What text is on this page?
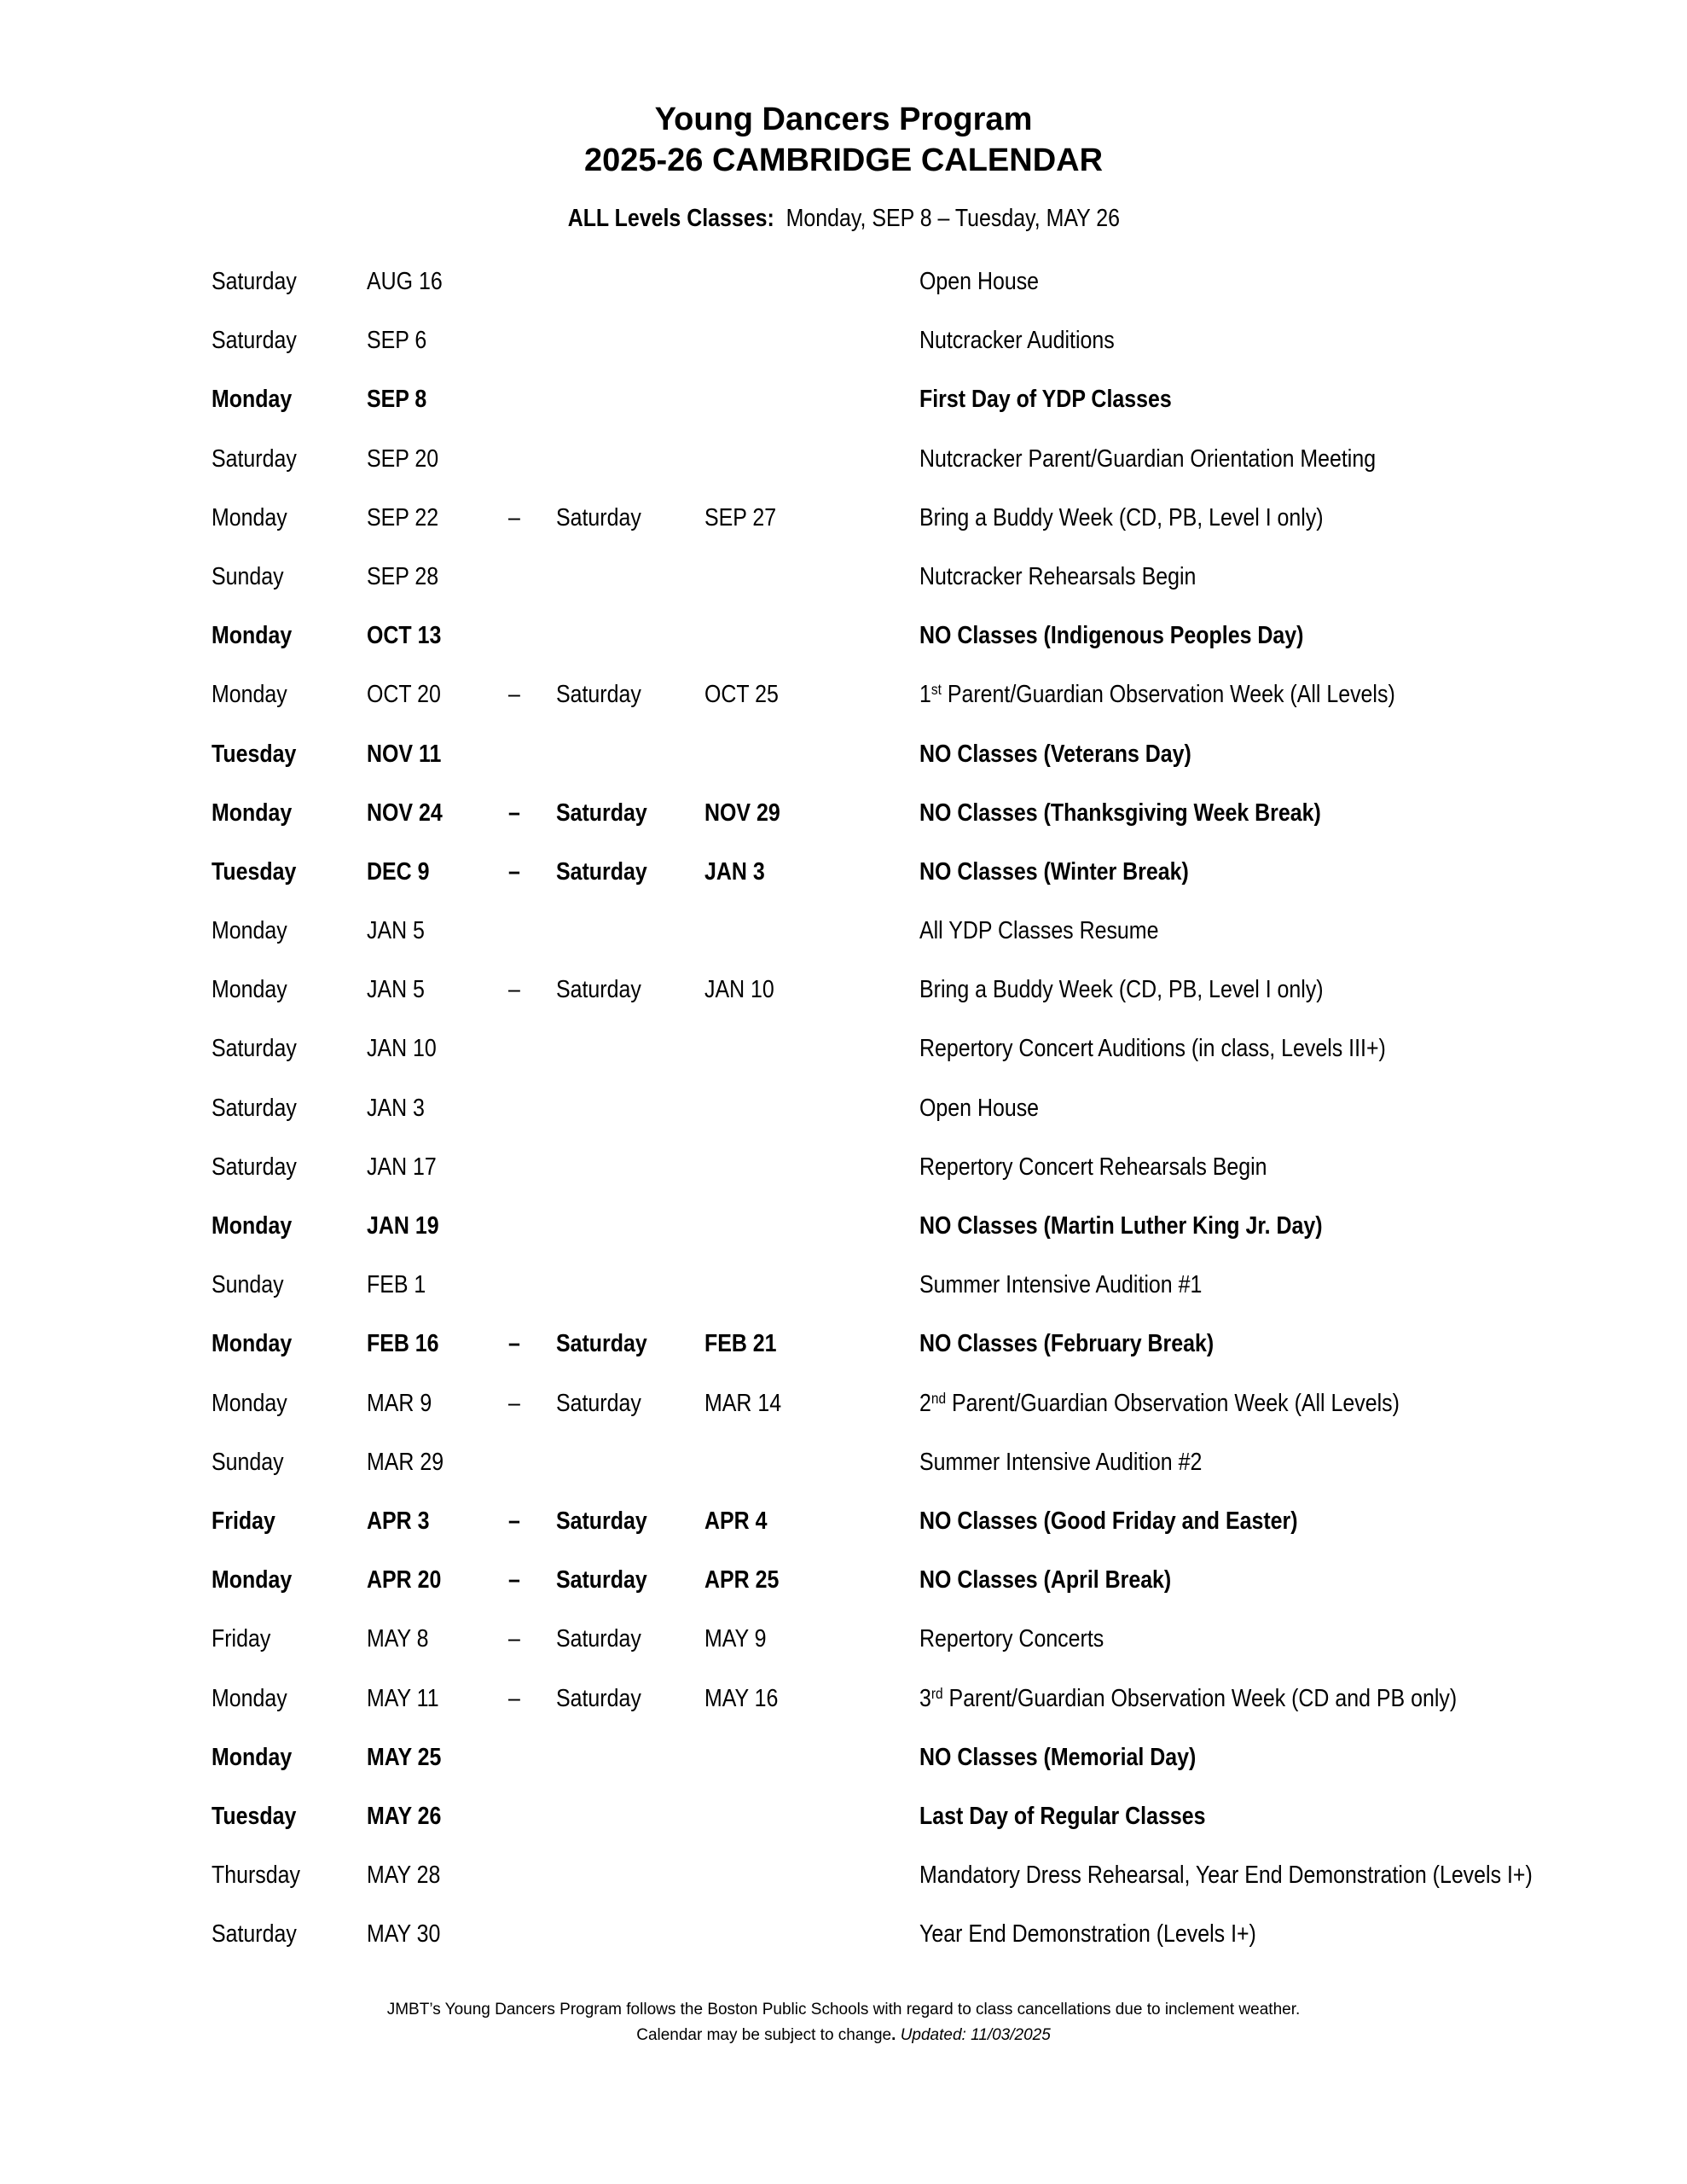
Young Dancers Program
2025-26 CAMBRIDGE CALENDAR
ALL Levels Classes: Monday, SEP 8 – Tuesday, MAY 26
Saturday	AUG 16	Open House
Saturday	SEP 6	Nutcracker Auditions
Monday	SEP 8	First Day of YDP Classes
Saturday	SEP 20	Nutcracker Parent/Guardian Orientation Meeting
Monday	SEP 22	– Saturday	SEP 27	Bring a Buddy Week (CD, PB, Level I only)
Sunday	SEP 28	Nutcracker Rehearsals Begin
Monday	OCT 13	NO Classes (Indigenous Peoples Day)
Monday	OCT 20	– Saturday	OCT 25	1st Parent/Guardian Observation Week (All Levels)
Tuesday	NOV 11	NO Classes (Veterans Day)
Monday	NOV 24	– Saturday NOV 29	NO Classes (Thanksgiving Week Break)
Tuesday	DEC 9	– Saturday JAN 3	NO Classes (Winter Break)
Monday	JAN 5	All YDP Classes Resume
Monday	JAN 5	– Saturday	JAN 10	Bring a Buddy Week (CD, PB, Level I only)
Saturday	JAN 10	Repertory Concert Auditions (in class, Levels III+)
Saturday	JAN 3	Open House
Saturday	JAN 17	Repertory Concert Rehearsals Begin
Monday	JAN 19	NO Classes (Martin Luther King Jr. Day)
Sunday	FEB 1	Summer Intensive Audition #1
Monday	FEB 16	– Saturday FEB 21	NO Classes (February Break)
Monday	MAR 9	– Saturday	MAR 14	2nd Parent/Guardian Observation Week (All Levels)
Sunday	MAR 29	Summer Intensive Audition #2
Friday	APR 3	– Saturday APR 4	NO Classes (Good Friday and Easter)
Monday	APR 20	– Saturday APR 25	NO Classes (April Break)
Friday	MAY 8	– Saturday	MAY 9	Repertory Concerts
Monday	MAY 11	– Saturday	MAY 16	3rd Parent/Guardian Observation Week (CD and PB only)
Monday	MAY 25	NO Classes (Memorial Day)
Tuesday	MAY 26	Last Day of Regular Classes
Thursday	MAY 28	Mandatory Dress Rehearsal, Year End Demonstration (Levels I+)
Saturday	MAY 30	Year End Demonstration (Levels I+)
JMBT’s Young Dancers Program follows the Boston Public Schools with regard to class cancellations due to inclement weather.
Calendar may be subject to change. Updated: 11/03/2025
